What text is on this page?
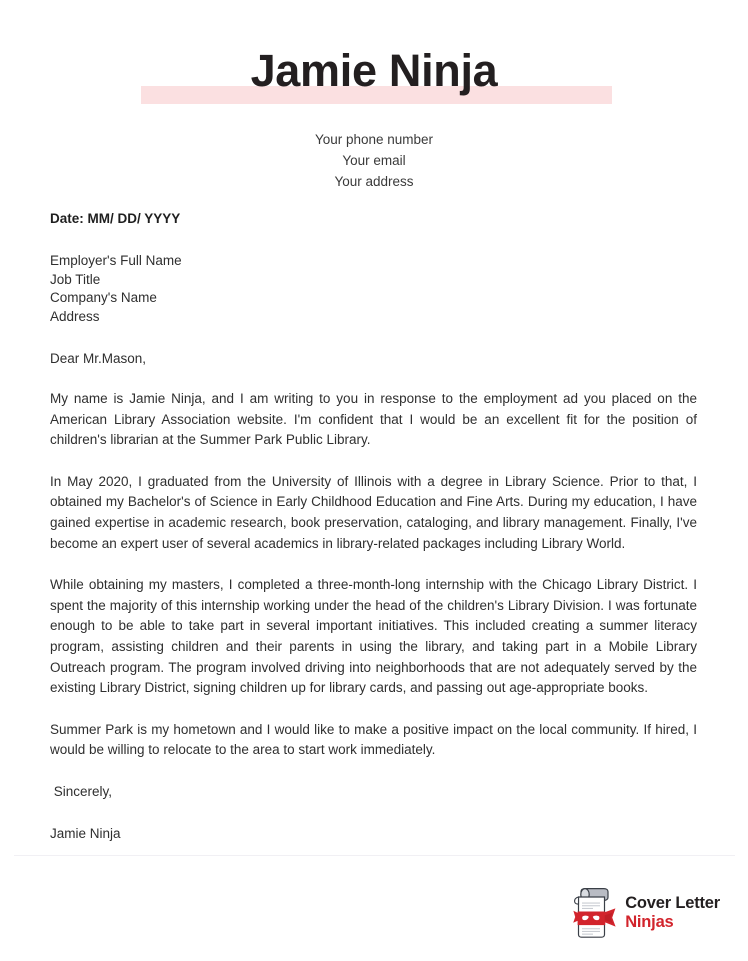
Jamie Ninja
Your phone number
Your email
Your address
Date: MM/ DD/ YYYY
Employer's Full Name
Job Title
Company's Name
Address
Dear Mr.Mason,

My name is Jamie Ninja, and I am writing to you in response to the employment ad you placed on the American Library Association website. I'm confident that I would be an excellent fit for the position of children's librarian at the Summer Park Public Library.

In May 2020, I graduated from the University of Illinois with a degree in Library Science. Prior to that, I obtained my Bachelor's of Science in Early Childhood Education and Fine Arts. During my education, I have gained expertise in academic research, book preservation, cataloging, and library management. Finally, I've become an expert user of several academics in library-related packages including Library World.

While obtaining my masters, I completed a three-month-long internship with the Chicago Library District. I spent the majority of this internship working under the head of the children's Library Division. I was fortunate enough to be able to take part in several important initiatives. This included creating a summer literacy program, assisting children and their parents in using the library, and taking part in a Mobile Library Outreach program. The program involved driving into neighborhoods that are not adequately served by the existing Library District, signing children up for library cards, and passing out age-appropriate books.

Summer Park is my hometown and I would like to make a positive impact on the local community. If hired, I would be willing to relocate to the area to start work immediately.

Sincerely,
Jamie Ninja
Cover Letter
Ninjas
